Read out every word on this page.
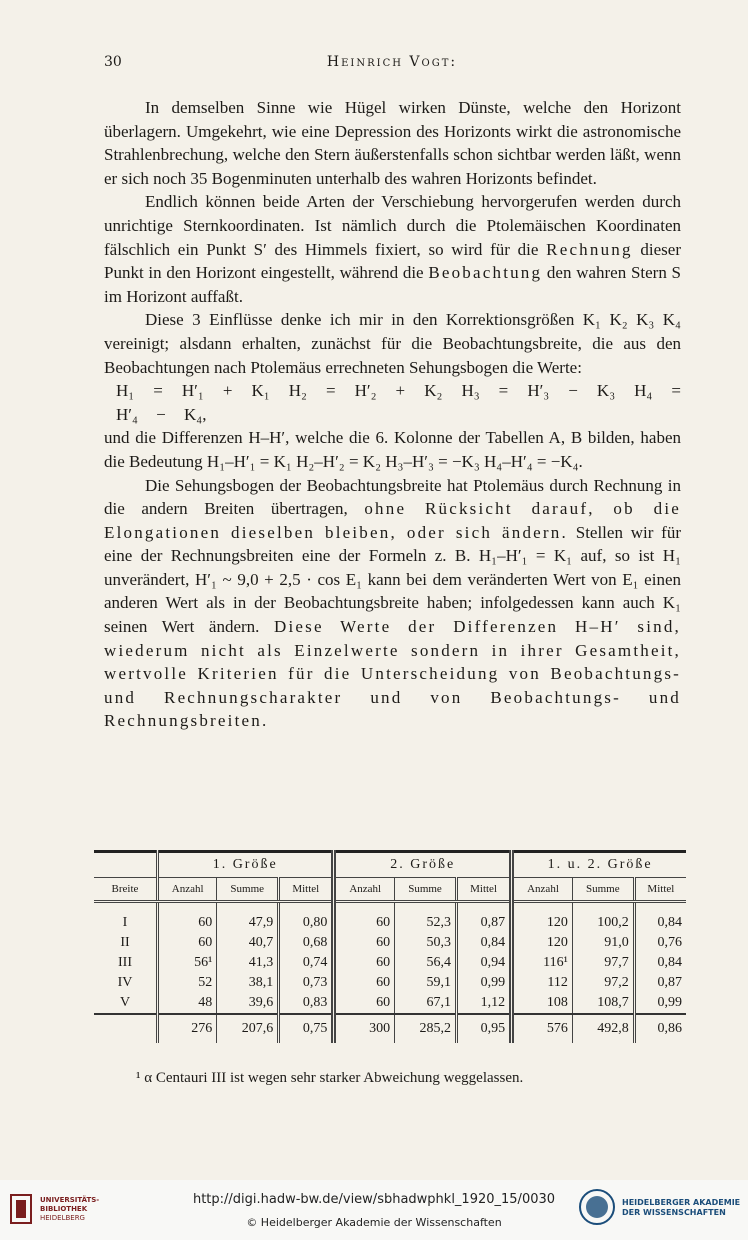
30	Heinrich Vogt:

In demselben Sinne wie Hügel wirken Dünste, welche den Horizont überlagern. Umgekehrt, wie eine Depression des Horizonts wirkt die astronomische Strahlenbrechung, welche den Stern äußerstenfalls schon sichtbar werden läßt, wenn er sich noch 35 Bogenminuten unterhalb des wahren Horizonts befindet.

Endlich können beide Arten der Verschiebung hervorgerufen werden durch unrichtige Sternkoordinaten. Ist nämlich durch die Ptolemäischen Koordinaten fälschlich ein Punkt S′ des Himmels fixiert, so wird für die Rechnung dieser Punkt in den Horizont eingestellt, während die Beobachtung den wahren Stern S im Horizont auffaßt.

Diese 3 Einflüsse denke ich mir in den Korrektionsgrößen K₁ K₂ K₃ K₄ vereinigt; alsdann erhalten, zunächst für die Beobachtungsbreite, die aus den Beobachtungen nach Ptolemäus errechneten Sehungsbogen die Werte:

H₁ = H′₁ + K₁ H₂ = H′₂ + K₂ H₃ = H′₃ − K₃ H₄ = H′₄ − K₄,

und die Differenzen H–H′, welche die 6. Kolonne der Tabellen A, B bilden, haben die Bedeutung H₁–H′₁ = K₁ H₂–H′₂ = K₂ H₃–H′₃ = −K₃ H₄–H′₄ = −K₄.

Die Sehungsbogen der Beobachtungsbreite hat Ptolemäus durch Rechnung in die andern Breiten übertragen, ohne Rücksicht darauf, ob die Elongationen dieselben bleiben, oder sich ändern. Stellen wir für eine der Rechnungsbreiten eine der Formeln z. B. H₁–H′₁ = K₁ auf, so ist H₁ unverändert, H′₁ ~ 9,0 + 2,5 · cos E₁ kann bei dem veränderten Wert von E₁ einen anderen Wert als in der Beobachtungsbreite haben; infolgedessen kann auch K₁ seinen Wert ändern. Diese Werte der Differenzen H–H′ sind, wiederum nicht als Einzelwerte sondern in ihrer Gesamtheit, wertvolle Kriterien für die Unterscheidung von Beobachtungs- und Rechnungscharakter und von Beobachtungs- und Rechnungsbreiten.

	1. Größe			2. Größe			1. u. 2. Größe		
Breite	Anzahl	Summe	Mittel	Anzahl	Summe	Mittel	Anzahl	Summe	Mittel

I	60	47,9	0,80	60	52,3	0,87	120	100,2	0,84
II	60	40,7	0,68	60	50,3	0,84	120	91,0	0,76
III	56¹	41,3	0,74	60	56,4	0,94	116¹	97,7	0,84
IV	52	38,1	0,73	60	59,1	0,99	112	97,2	0,87
V	48	39,6	0,83	60	67,1	1,12	108	108,7	0,99
	276	207,6	0,75	300	285,2	0,95	576	492,8	0,86
¹ α Centauri III ist wegen sehr starker Abweichung weggelassen.
UNIVERSITÄTS-
BIBLIOTHEK
HEIDELBERG
http://digi.hadw-bw.de/view/sbhadwphkl_1920_15/0030
© Heidelberger Akademie der Wissenschaften
HEIDELBERGER AKADEMIE
DER WISSENSCHAFTEN
